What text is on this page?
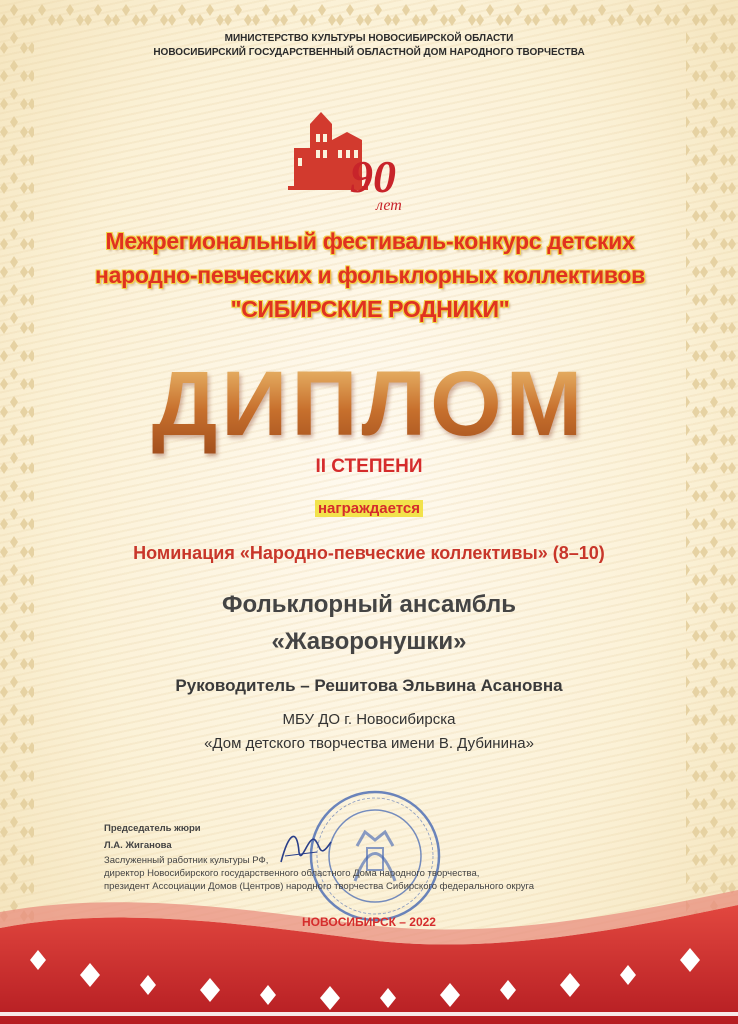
МИНИСТЕРСТВО КУЛЬТУРЫ НОВОСИБИРСКОЙ ОБЛАСТИ
НОВОСИБИРСКИЙ ГОСУДАРСТВЕННЫЙ ОБЛАСТНОЙ ДОМ НАРОДНОГО ТВОРЧЕСТВА
90
лет
Межрегиональный фестиваль-конкурс детских
народно-певческих и фольклорных коллективов
"СИБИРСКИЕ РОДНИКИ"
ДИПЛОМ
II СТЕПЕНИ
награждается
Номинация «Народно-певческие коллективы» (8–10)
Фольклорный ансамбль
«Жаворонушки»
Руководитель – Решитова Эльвина Асановна
МБУ ДО г. Новосибирска
«Дом детского творчества имени В. Дубинина»
Председатель жюри
Л.А. Жиганова
Заслуженный работник культуры РФ,
директор Новосибирского государственного областного Дома народного творчества,
президент Ассоциации Домов (Центров) народного творчества Сибирского федерального округа
НОВОСИБИРСК – 2022
